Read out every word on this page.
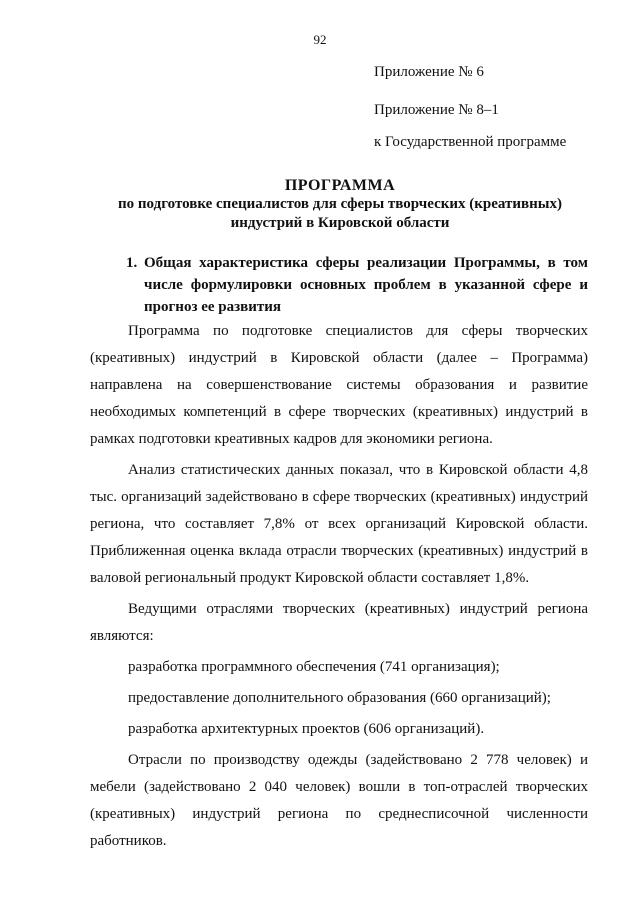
92
Приложение № 6
Приложение № 8–1
к Государственной программе
ПРОГРАММА
по подготовке специалистов для сферы творческих (креативных)
индустрий в Кировской области
1. Общая характеристика сферы реализации Программы, в том числе формулировки основных проблем в указанной сфере и прогноз ее развития

Программа по подготовке специалистов для сферы творческих (креативных) индустрий в Кировской области (далее – Программа) направлена на совершенствование системы образования и развитие необходимых компетенций в сфере творческих (креативных) индустрий в рамках подготовки креативных кадров для экономики региона.

Анализ статистических данных показал, что в Кировской области 4,8 тыс. организаций задействовано в сфере творческих (креативных) индустрий региона, что составляет 7,8% от всех организаций Кировской области. Приближенная оценка вклада отрасли творческих (креативных) индустрий в валовой региональный продукт Кировской области составляет 1,8%.

Ведущими отраслями творческих (креативных) индустрий региона являются:

разработка программного обеспечения (741 организация);
предоставление дополнительного образования (660 организаций);
разработка архитектурных проектов (606 организаций).

Отрасли по производству одежды (задействовано 2 778 человек) и мебели (задействовано 2 040 человек) вошли в топ-отраслей творческих (креативных) индустрий региона по среднесписочной численности работников.
